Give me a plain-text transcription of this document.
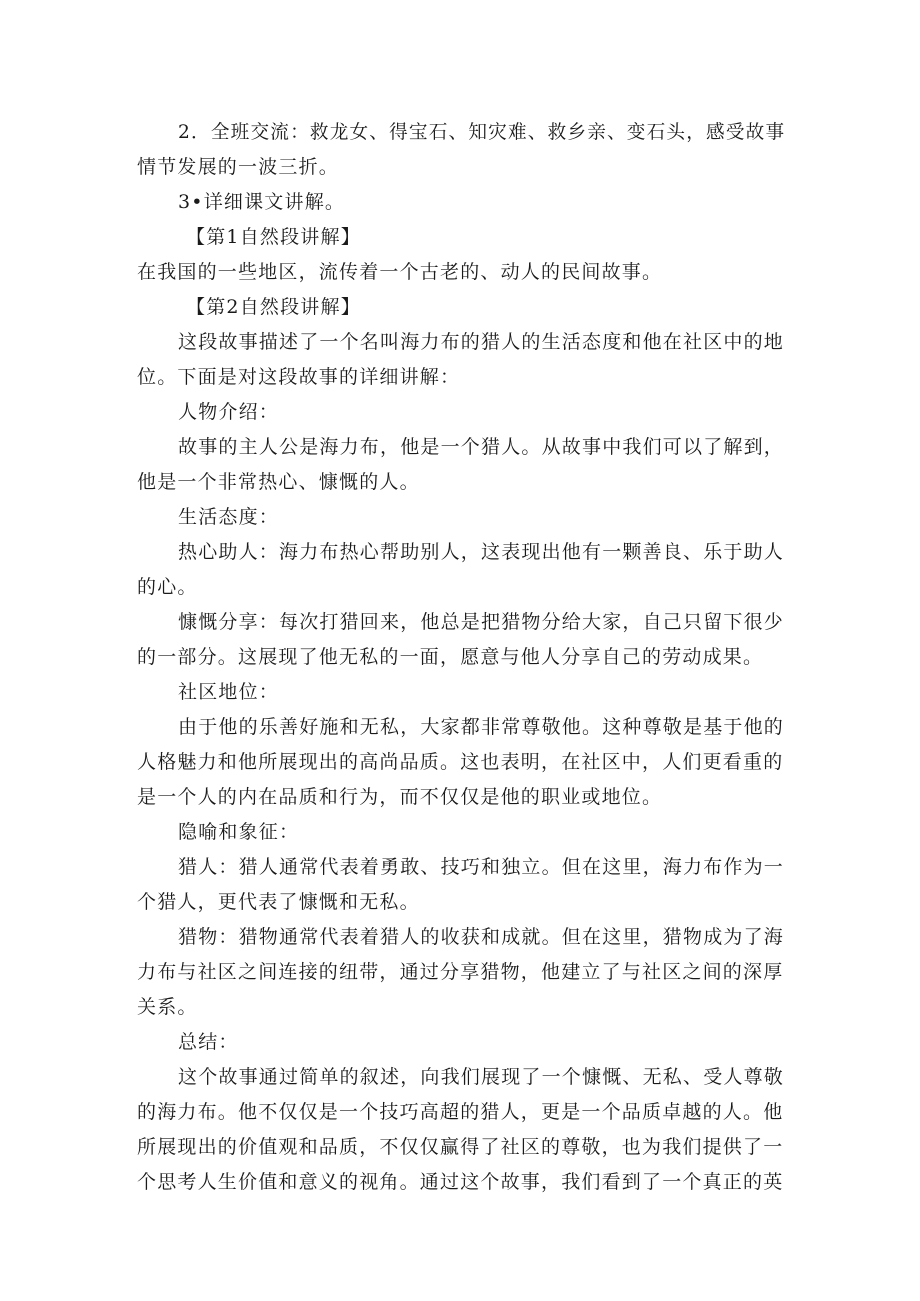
2．全班交流：救龙女、得宝石、知灾难、救乡亲、变石头，感受故事
情节发展的一波三折。
3•详细课文讲解。
【第1自然段讲解】
在我国的一些地区，流传着一个古老的、动人的民间故事。
【第2自然段讲解】
这段故事描述了一个名叫海力布的猎人的生活态度和他在社区中的地
位。下面是对这段故事的详细讲解：
人物介绍：
故事的主人公是海力布，他是一个猎人。从故事中我们可以了解到，
他是一个非常热心、慷慨的人。
生活态度：
热心助人：海力布热心帮助别人，这表现出他有一颗善良、乐于助人
的心。
慷慨分享：每次打猎回来，他总是把猎物分给大家，自己只留下很少
的一部分。这展现了他无私的一面，愿意与他人分享自己的劳动成果。
社区地位：
由于他的乐善好施和无私，大家都非常尊敬他。这种尊敬是基于他的
人格魅力和他所展现出的高尚品质。这也表明，在社区中，人们更看重的
是一个人的内在品质和行为，而不仅仅是他的职业或地位。
隐喻和象征：
猎人：猎人通常代表着勇敢、技巧和独立。但在这里，海力布作为一
个猎人，更代表了慷慨和无私。
猎物：猎物通常代表着猎人的收获和成就。但在这里，猎物成为了海
力布与社区之间连接的纽带，通过分享猎物，他建立了与社区之间的深厚
关系。
总结：
这个故事通过简单的叙述，向我们展现了一个慷慨、无私、受人尊敬
的海力布。他不仅仅是一个技巧高超的猎人，更是一个品质卓越的人。他
所展现出的价值观和品质，不仅仅赢得了社区的尊敬，也为我们提供了一
个思考人生价值和意义的视角。通过这个故事，我们看到了一个真正的英
